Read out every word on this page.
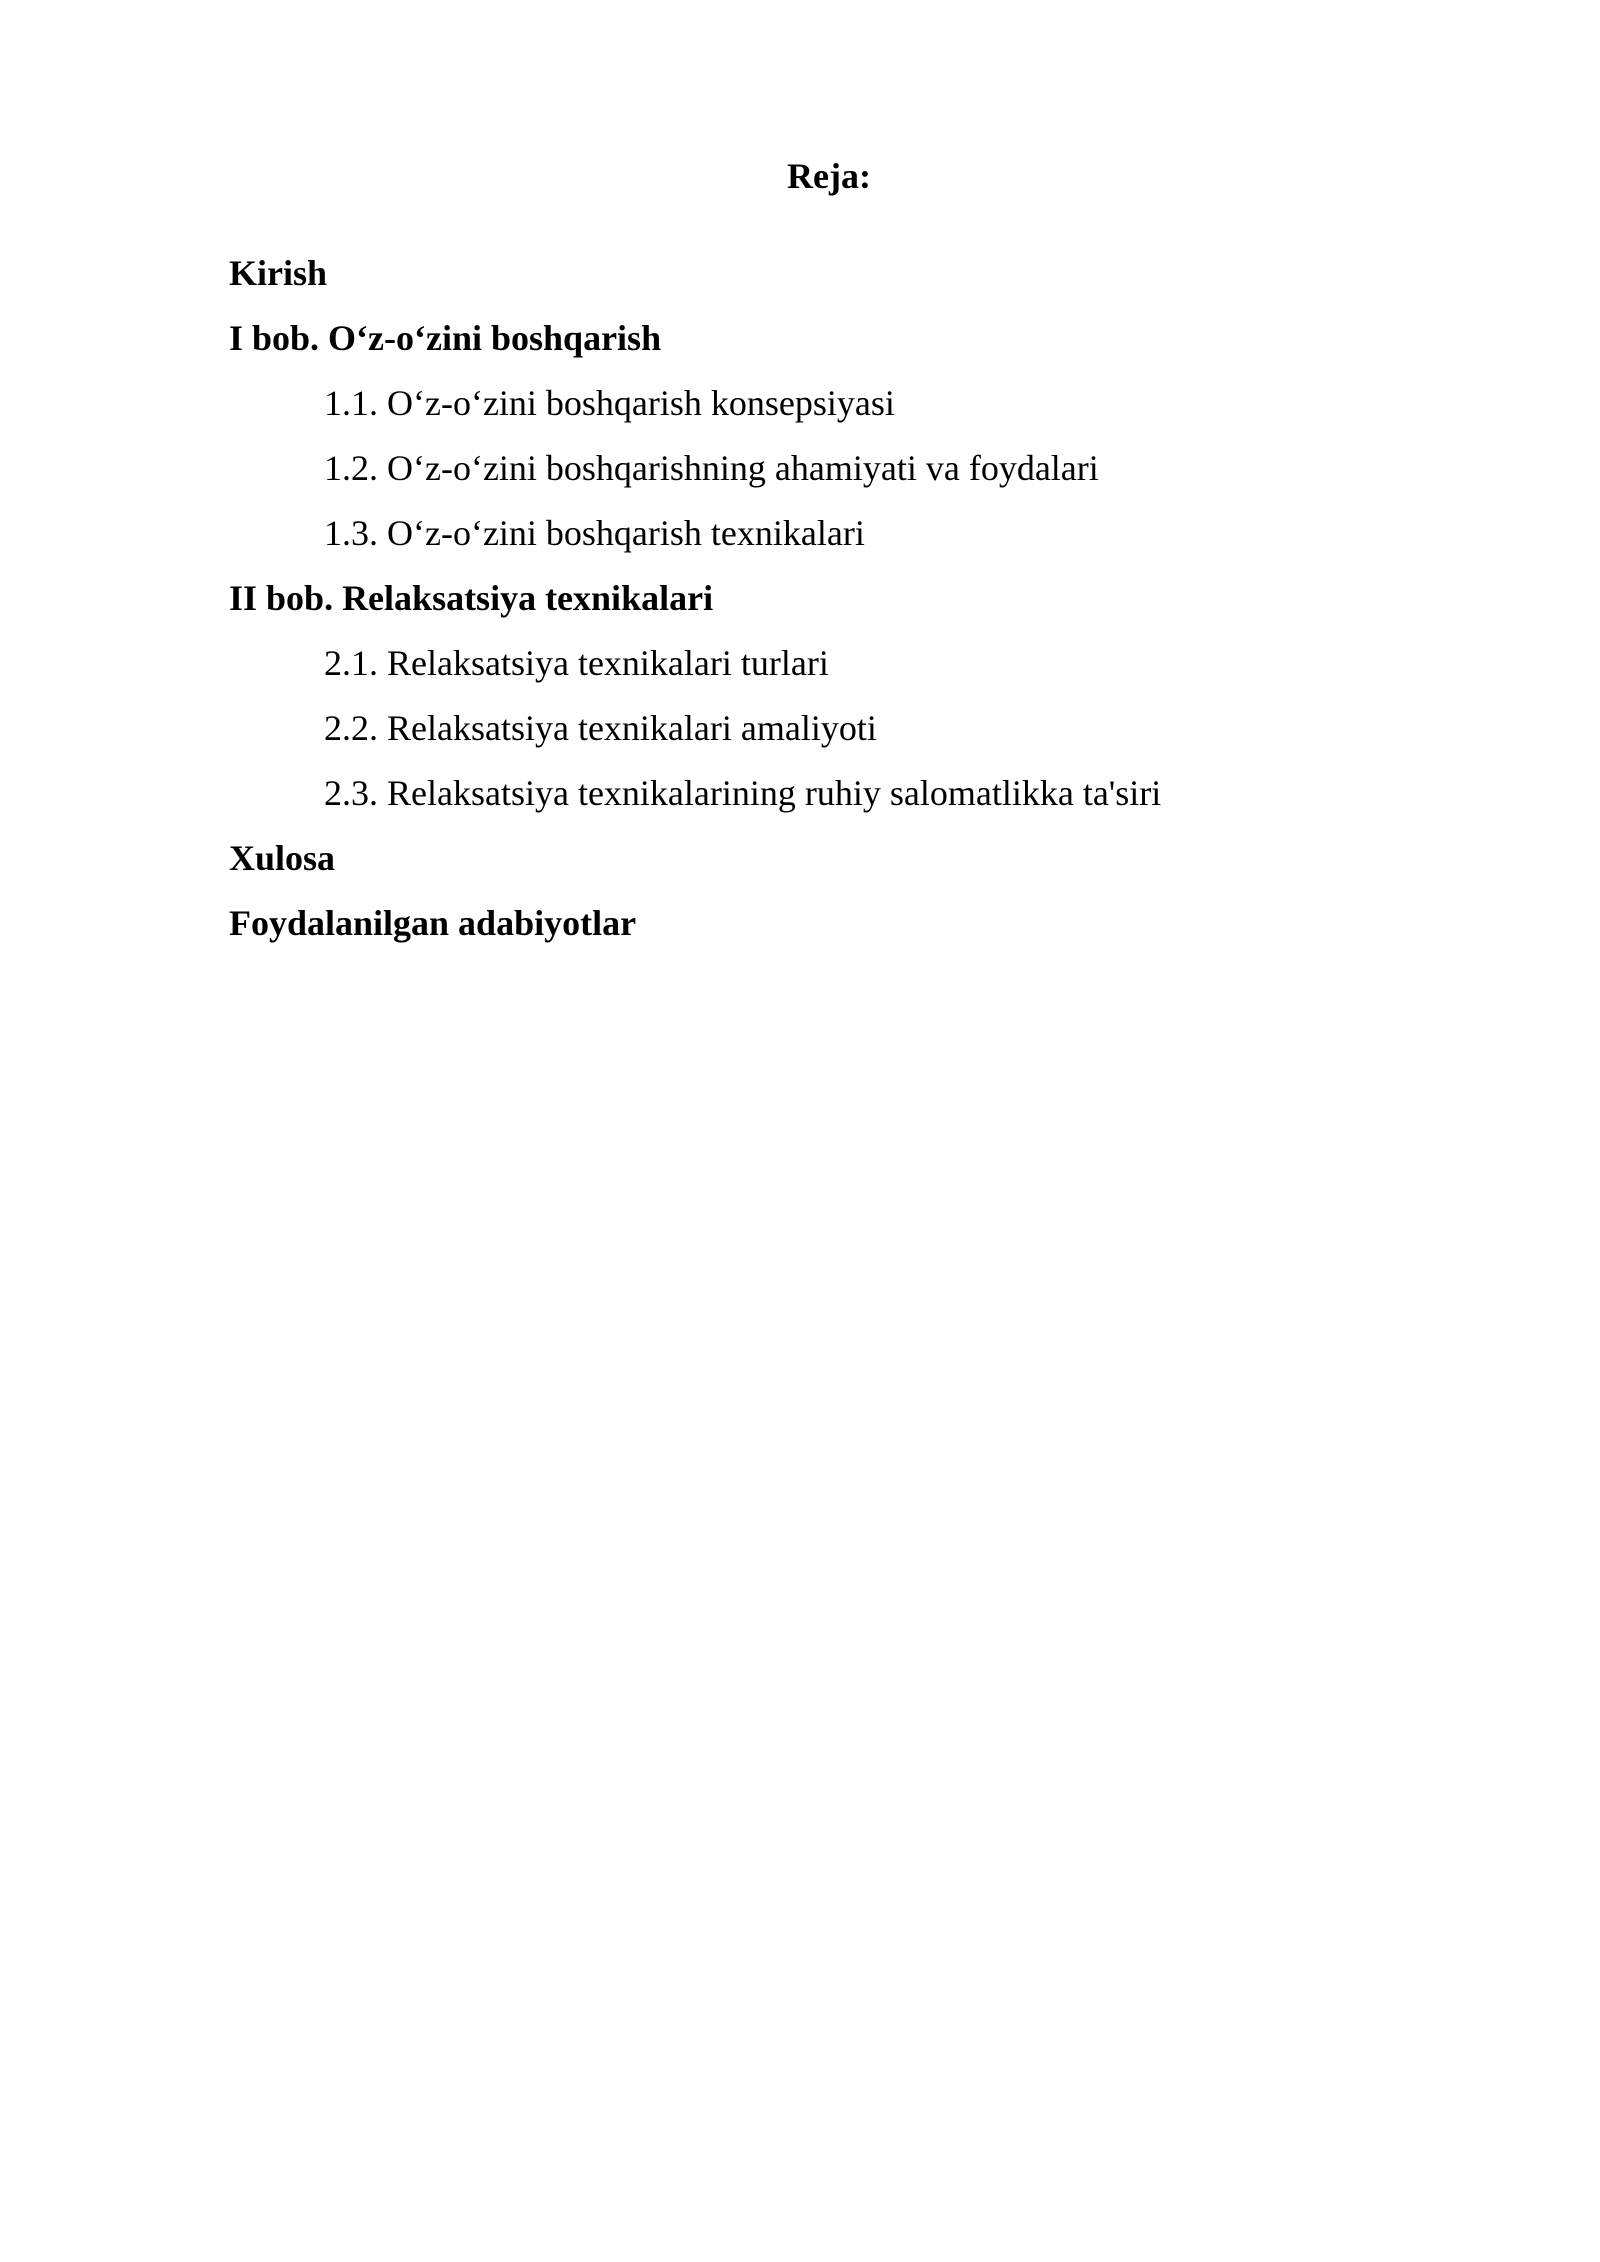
Reja:
Kirish
I bob. O‘z-o‘zini boshqarish
1.1. O‘z-o‘zini boshqarish konsepsiyasi
1.2. O‘z-o‘zini boshqarishning ahamiyati va foydalari
1.3. O‘z-o‘zini boshqarish texnikalari
II bob. Relaksatsiya texnikalari
2.1. Relaksatsiya texnikalari turlari
2.2. Relaksatsiya texnikalari amaliyoti
2.3. Relaksatsiya texnikalarining ruhiy salomatlikka ta'siri
Xulosa
Foydalanilgan adabiyotlar
